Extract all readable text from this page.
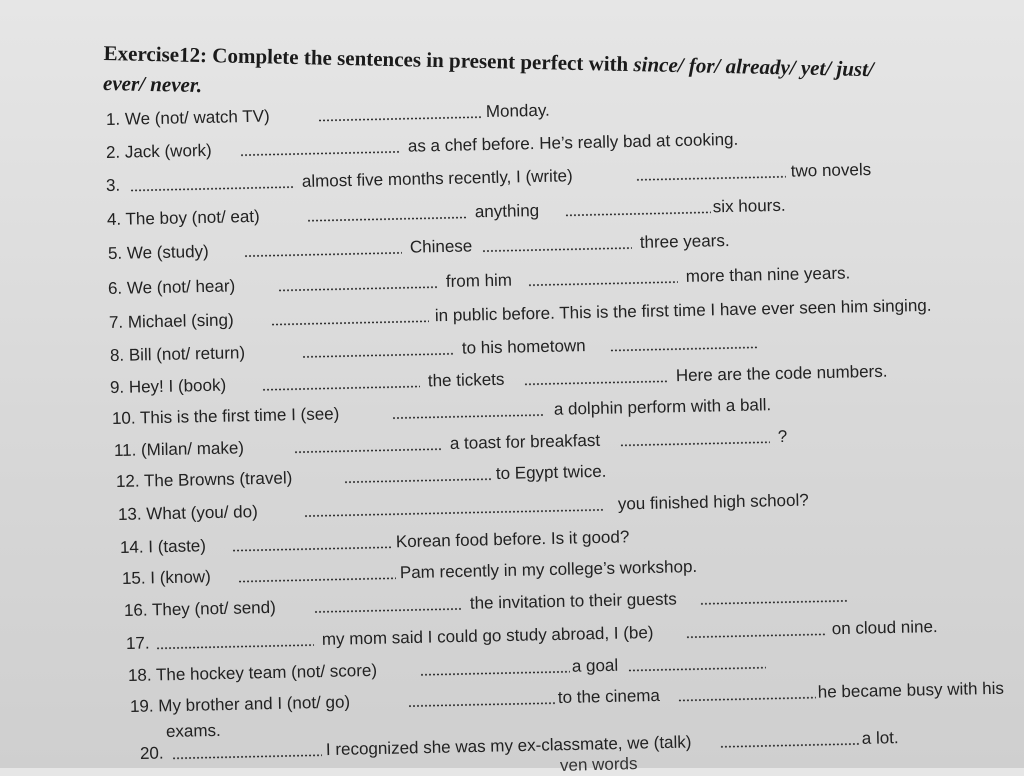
Exercise12: Complete the sentences in present perfect with since/ for/ already/ yet/ just/
ever/ never.
1. We (not/ watch TV)	Monday.
2. Jack (work)	as a chef before. He’s really bad at cooking.
3.	almost five months recently, I (write)	two novels
4. The boy (not/ eat)	anything	six hours.
5. We (study)	Chinese	three years.
6. We (not/ hear)	from him	more than nine years.
7. Michael (sing)	in public before. This is the first time I have ever seen him singing.
8. Bill (not/ return)	to his hometown
9. Hey! I (book)	the tickets	Here are the code numbers.
10. This is the first time I (see)	a dolphin perform with a ball.
11. (Milan/ make)	a toast for breakfast	?
12. The Browns (travel)	to Egypt twice.
13. What (you/ do)	you finished high school?
14. I (taste)	Korean food before. Is it good?
15. I (know)	Pam recently in my college’s workshop.
16. They (not/ send)	the invitation to their guests
17.	my mom said I could go study abroad, I (be)	on cloud nine.
18. The hockey team (not/ score)	a goal
19. My brother and I (not/ go)	to the cinema	he became busy with his
exams.
20.	I recognized she was my ex-classmate, we (talk)	a lot.
ven words
